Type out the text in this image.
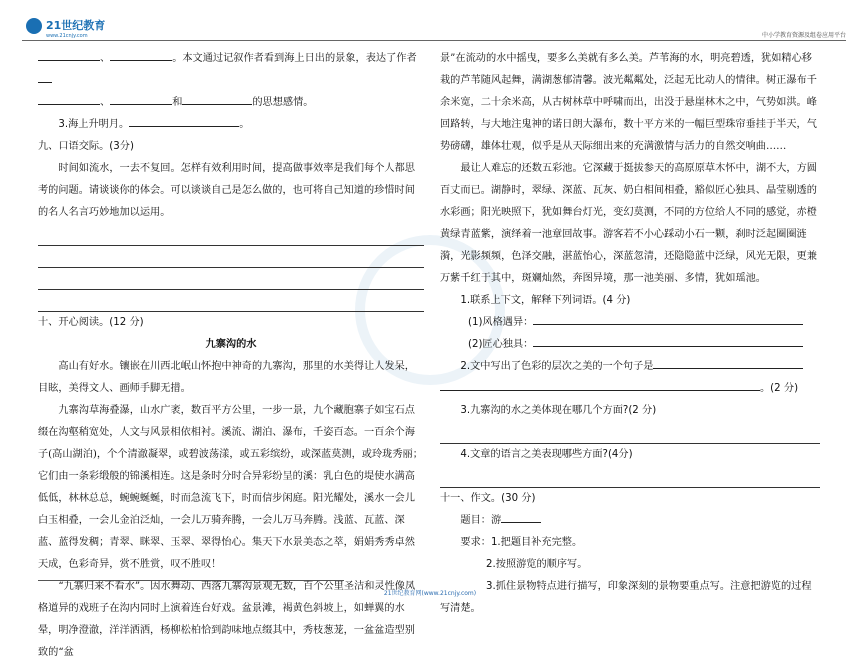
21世纪教育
www.21cnjy.com	中小学教育资源及组卷应用平台

、	。本文通过记叙作者看到海上日出的景象，表达了作者

、	和	的思想感情。

3.海上升明月。	。

九、口语交际。(3分)

时间如流水，一去不复回。怎样有效利用时间，提高做事效率是我们每个人都思考的问题。请谈谈你的体会。可以谈谈自己是怎么做的，也可将自己知道的珍惜时间的名人名言巧妙地加以运用。

十、开心阅读。(12 分)

九寨沟的水

高山有好水。镶嵌在川西北岷山怀抱中神奇的九寨沟，那里的水美得让人发呆，目眩，美得文人、画师手脚无措。

九寨沟草海叠瀑，山水广袤，数百平方公里，一步一景，九个藏胞寨子如宝石点缀在沟壑稍宽处，人文与风景相依相衬。溪流、湖泊、瀑布，千姿百态。一百余个海子(高山湖泊)，个个清澈凝翠，或碧波荡漾，或五彩缤纷，或深蓝莫测，或玲珑秀丽；它们由一条彩缎般的锦溪相连。这是条时分时合异彩纷呈的溪：乳白色的堤使水满高低低，林林总总，蜿蜿蜒蜒，时而急流飞下，时而信步闲庭。阳光耀处，溪水一会儿白玉相叠，一会儿金泊泛灿，一会儿万骑奔腾，一会儿万马奔腾。浅蓝、瓦蓝、深蓝、蓝得发稠；青翠、眯翠、玉翠、翠得怡心。集天下水景美态之萃，娟娟秀秀卓然天成，色彩奇异，赏不胜赏，叹不胜叹！

“九寨归来不看水”。因水舞动、西落九寨沟景观无数，百个公里圣洁和灵性像凤格道异的戏班子在沟内同时上演着连台好戏。盆景滩，褐黄色斜坡上，如蝉翼的水晕，明净澄澈，洋洋洒洒，杨柳松柏恰到韵味地点缀其中，秀枝葱茏，一盆盆造型别致的“盆

景”在流动的水中摇曳，要多么美就有多么美。芦苇海的水，明亮碧透，犹如精心移栽的芦苇随风起舞，满湖葱郁清馨。波光粼粼处，泛起无比动人的情律。树正瀑布千余米宽，二十余米高，从古树林草中呼啸而出，出没于悬崖林木之中，气势如洪。峰回路转，与大地注鬼神的诺日朗大瀑布，数十平方米的一幅巨型珠帘垂挂于半天，气势磅礴，雄体壮观，似乎是从天际细出来的充满激情与活力的自然交响曲……

最让人难忘的还数五彩池。它深藏于挺拔参天的高原原草木怀中，湖不大，方圆百丈而已。湖静时，翠绿、深蓝、瓦灰、奶白相间相叠，豁似匠心独具、晶莹剔透的水彩画；阳光映照下，犹如舞台灯光，变幻莫测，不同的方位给人不同的感觉，赤橙黄绿青蓝紫，演绎着一池章回故事。游客若不小心踩动小石一颗，刹时泛起圈圈涟漪，光影频频，色泽交融，湛蓝怡心，深蓝忽清，还隐隐蓝中泛绿，风光无限，更兼万紫千红于其中，斑斓灿然，奔图异境，那一池美丽、多情，犹如瑶池。

1.联系上下文，解释下列词语。(4 分)

(1)风格遇异：

(2)匠心独具：

2.文中写出了色彩的层次之美的一个句子是

。(2 分)

3.九寨沟的水之美体现在哪几个方面?(2 分)

4.文章的语言之美表现哪些方面?(4分)

十一、作文。(30 分)

题目：游

要求：1.把题目补充完整。

2.按照游览的顺序写。

3.抓住景物特点进行描写，印象深刻的景物要重点写。注意把游览的过程写清楚。

21世纪教育网(www.21cnjy.com)
